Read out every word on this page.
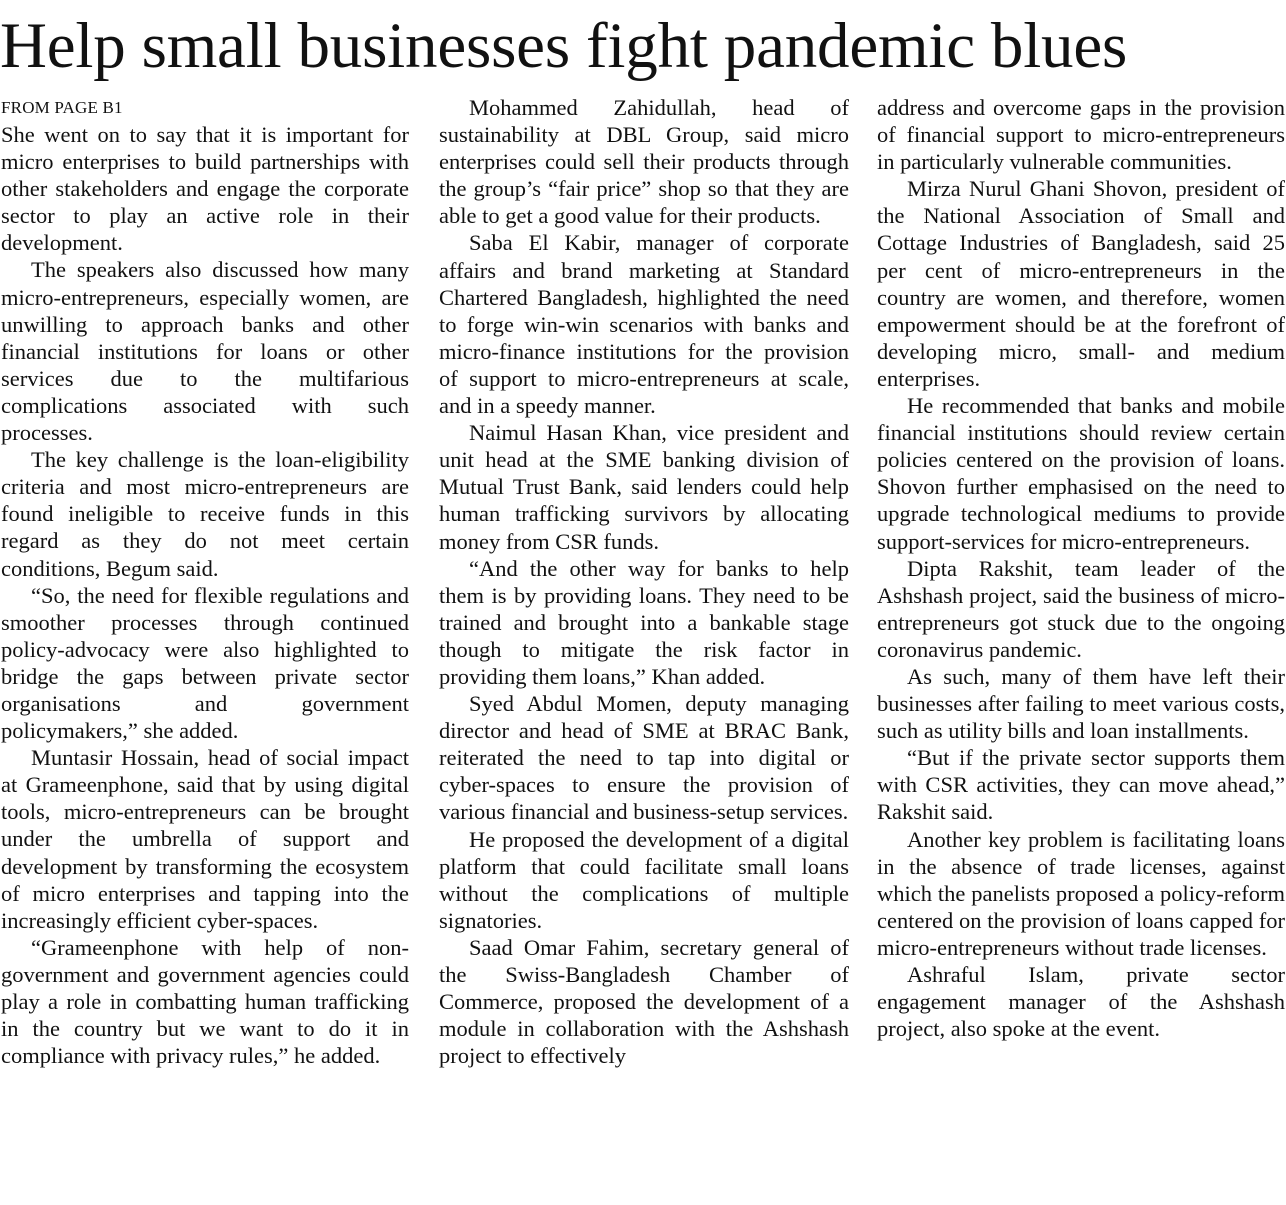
Help small businesses fight pandemic blues
FROM PAGE B1

She went on to say that it is important for micro enterprises to build partnerships with other stakeholders and engage the corporate sector to play an active role in their development.

The speakers also discussed how many micro-entrepreneurs, especially women, are unwilling to approach banks and other financial institutions for loans or other services due to the multifarious complications associated with such processes.

The key challenge is the loan-eligibility criteria and most micro-entrepreneurs are found ineligible to receive funds in this regard as they do not meet certain conditions, Begum said.

“So, the need for flexible regulations and smoother processes through continued policy-advocacy were also highlighted to bridge the gaps between private sector organisations and government policymakers,” she added.

Muntasir Hossain, head of social impact at Grameenphone, said that by using digital tools, micro-entrepreneurs can be brought under the umbrella of support and development by transforming the ecosystem of micro enterprises and tapping into the increasingly efficient cyber-spaces.

“Grameenphone with help of non-government and government agencies could play a role in combatting human trafficking in the country but we want to do it in compliance with privacy rules,” he added.

Mohammed Zahidullah, head of sustainability at DBL Group, said micro enterprises could sell their products through the group’s “fair price” shop so that they are able to get a good value for their products.

Saba El Kabir, manager of corporate affairs and brand marketing at Standard Chartered Bangladesh, highlighted the need to forge win-win scenarios with banks and micro-finance institutions for the provision of support to micro-entrepreneurs at scale, and in a speedy manner.

Naimul Hasan Khan, vice president and unit head at the SME banking division of Mutual Trust Bank, said lenders could help human trafficking survivors by allocating money from CSR funds.

“And the other way for banks to help them is by providing loans. They need to be trained and brought into a bankable stage though to mitigate the risk factor in providing them loans,” Khan added.

Syed Abdul Momen, deputy managing director and head of SME at BRAC Bank, reiterated the need to tap into digital or cyber-spaces to ensure the provision of various financial and business-setup services.

He proposed the development of a digital platform that could facilitate small loans without the complications of multiple signatories.

Saad Omar Fahim, secretary general of the Swiss-Bangladesh Chamber of Commerce, proposed the development of a module in collaboration with the Ashshash project to effectively

address and overcome gaps in the provision of financial support to micro-entrepreneurs in particularly vulnerable communities.

Mirza Nurul Ghani Shovon, president of the National Association of Small and Cottage Industries of Bangladesh, said 25 per cent of micro-entrepreneurs in the country are women, and therefore, women empowerment should be at the forefront of developing micro, small- and medium enterprises.

He recommended that banks and mobile financial institutions should review certain policies centered on the provision of loans. Shovon further emphasised on the need to upgrade technological mediums to provide support-services for micro-entrepreneurs.

Dipta Rakshit, team leader of the Ashshash project, said the business of micro-entrepreneurs got stuck due to the ongoing coronavirus pandemic.

As such, many of them have left their businesses after failing to meet various costs, such as utility bills and loan installments.

“But if the private sector supports them with CSR activities, they can move ahead,” Rakshit said.

Another key problem is facilitating loans in the absence of trade licenses, against which the panelists proposed a policy-reform centered on the provision of loans capped for micro-entrepreneurs without trade licenses.

Ashraful Islam, private sector engagement manager of the Ashshash project, also spoke at the event.
